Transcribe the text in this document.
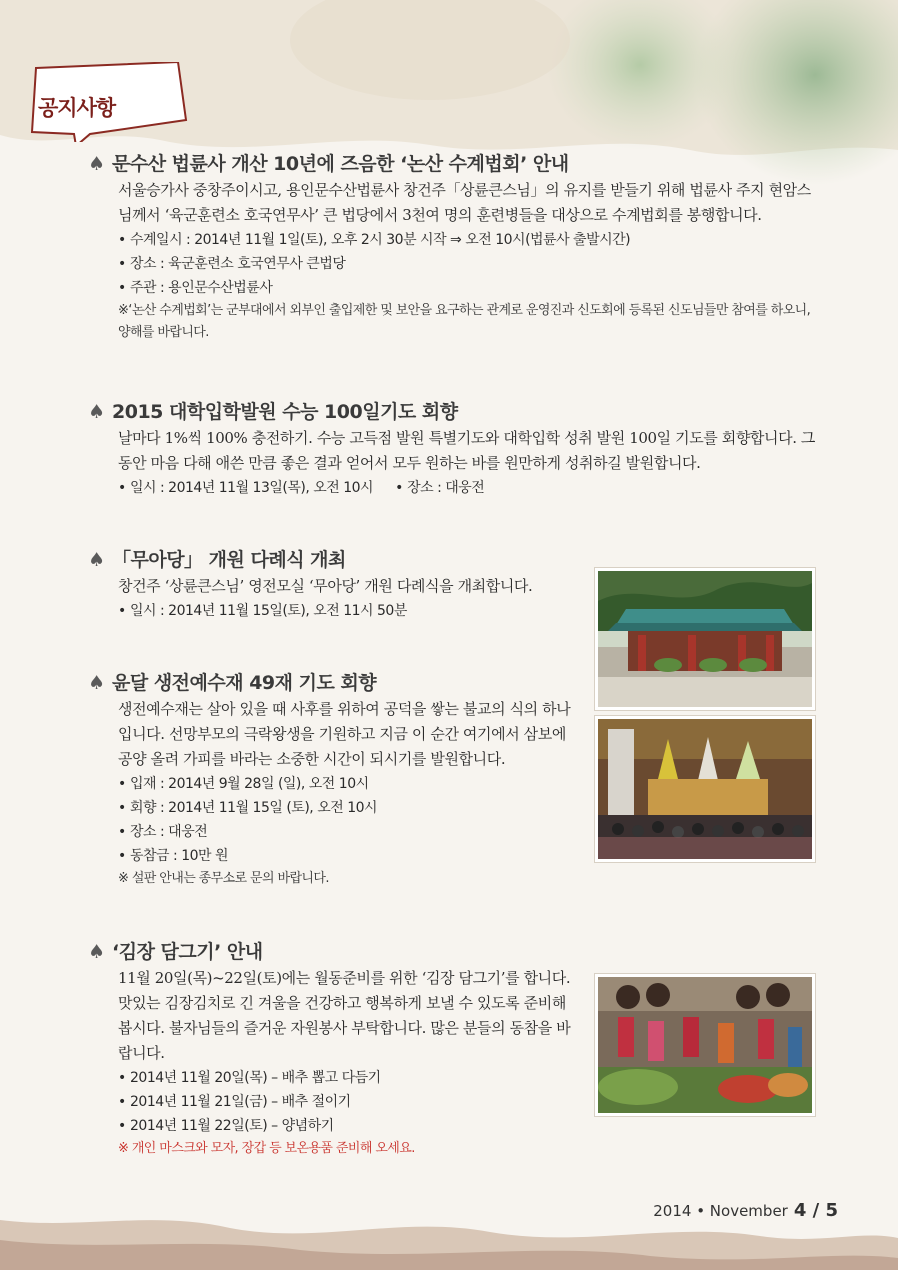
공지사항
♠ 문수산 법륜사 개산 10년에 즈음한 ‘논산 수계법회’ 안내
서울승가사 중창주이시고, 용인문수산법륜사 창건주「상륜큰스님」의 유지를 받들기 위해 법륜사 주지 현암스님께서 ‘육군훈련소 호국연무사’ 큰 법당에서 3천여 명의 훈련병들을 대상으로 수계법회를 봉행합니다.
• 수계일시 : 2014년 11월 1일(토), 오후 2시 30분 시작 ⇒ 오전 10시(법륜사 출발시간)
• 장소 : 육군훈련소 호국연무사 큰법당
• 주관 : 용인문수산법륜사
※‘논산 수계법회’는 군부대에서 외부인 출입제한 및 보안을 요구하는 관계로 운영진과 신도회에 등록된 신도님들만 참여를 하오니, 양해를 바랍니다.
♠ 2015 대학입학발원 수능 100일기도 회향
날마다 1%씩 100% 충전하기. 수능 고득점 발원 특별기도와 대학입학 성취 발원 100일 기도를 회향합니다. 그동안 마음 다해 애쓴 만큼 좋은 결과 얻어서 모두 원하는 바를 원만하게 성취하길 발원합니다.
• 일시 : 2014년 11월 13일(목), 오전 10시 • 장소 : 대웅전
♠ 「무아당」 개원 다례식 개최
창건주 ‘상륜큰스님’ 영전모실 ‘무아당’ 개원 다례식을 개최합니다.
• 일시 : 2014년 11월 15일(토), 오전 11시 50분
♠ 윤달 생전예수재 49재 기도 회향
생전예수재는 살아 있을 때 사후를 위하여 공덕을 쌓는 불교의 식의 하나입니다. 선망부모의 극락왕생을 기원하고 지금 이 순간 여기에서 삼보에 공양 올려 가피를 바라는 소중한 시간이 되시기를 발원합니다.
• 입재 : 2014년 9월 28일 (일), 오전 10시
• 회향 : 2014년 11월 15일 (토), 오전 10시
• 장소 : 대웅전
• 동참금 : 10만 원
※ 설판 안내는 종무소로 문의 바랍니다.
♠ ‘김장 담그기’ 안내
11월 20일(목)~22일(토)에는 월동준비를 위한 ‘김장 담그기’를 합니다. 맛있는 김장김치로 긴 겨울을 건강하고 행복하게 보낼 수 있도록 준비해 봅시다. 불자님들의 즐거운 자원봉사 부탁합니다. 많은 분들의 동참을 바랍니다.
• 2014년 11월 20일(목) – 배추 뽑고 다듬기
• 2014년 11월 21일(금) – 배추 절이기
• 2014년 11월 22일(토) – 양념하기
※ 개인 마스크와 모자, 장갑 등 보온용품 준비해 오세요.
2014 • November 4 / 5
